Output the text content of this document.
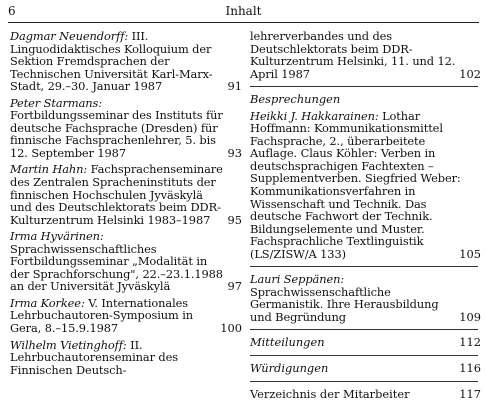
6	Inhalt
Dagmar Neuendorff: III. Linguodidaktisches Kolloquium der Sektion Fremdsprachen der Technischen Universität Karl-Marx-Stadt, 29.–30. Januar 1987	91
Peter Starmans: Fortbildungsseminar des Instituts für deutsche Fachsprache (Dresden) für finnische Fachsprachenlehrer, 5. bis 12. September 1987	93
Martin Hahn: Fachsprachenseminare des Zentralen Spracheninstituts der finnischen Hochschulen Jyväskylä und des Deutschlektorats beim DDR-Kulturzentrum Helsinki 1983–1987	95
Irma Hyvärinen: Sprachwissenschaftliches Fortbildungsseminar „Modalität in der Sprachforschung", 22.–23.1.1988 an der Universität Jyväskylä	97
Irma Korkee: V. Internationales Lehrbuchautoren-Symposium in Gera, 8.–15.9.1987	100
Wilhelm Vietinghoff: II. Lehrbuchautorenseminar des Finnischen Deutsch-
lehrerverbandes und des Deutschlektorats beim DDR-Kulturzentrum Helsinki, 11. und 12. April 1987	102
Besprechungen
Heikki J. Hakkarainen: Lothar Hoffmann: Kommunikationsmittel Fachsprache, 2., überarbeitete Auflage. Claus Köhler: Verben in deutschsprachigen Fachtexten – Supplementverben. Siegfried Weber: Kommunikationsverfahren in Wissenschaft und Technik. Das deutsche Fachwort der Technik. Bildungselemente und Muster. Fachsprachliche Textlinguistik (LS/ZISW/A 133)	105
Lauri Seppänen: Sprachwissenschaftliche Germanistik. Ihre Herausbildung und Begründung	109
Mitteilungen	112
Würdigungen	116
Verzeichnis der Mitarbeiter	117
